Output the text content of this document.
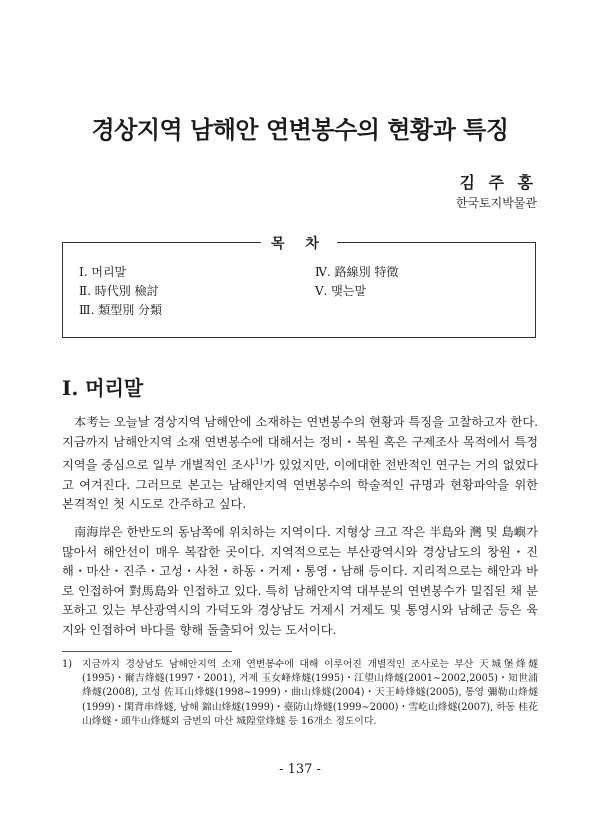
경상지역 남해안 연변봉수의 현황과 특징
김 주 홍
한국토지박물관
목 차
Ⅰ. 머리말
Ⅱ. 時代別 檢討
Ⅲ. 類型別 分類
Ⅳ. 路線別 特徵
Ⅴ. 맺는말
Ⅰ. 머리말

本考는 오늘날 경상지역 남해안에 소재하는 연변봉수의 현황과 특징을 고찰하고자 한다. 지금까지 남해안지역 소재 연변봉수에 대해서는 정비・복원 혹은 구제조사 목적에서 특정지역을 중심으로 일부 개별적인 조사$^{1)}$가 있었지만, 이에대한 전반적인 연구는 거의 없었다고 여겨진다. 그러므로 본고는 남해안지역 연변봉수의 학술적인 규명과 현황파악을 위한 본격적인 첫 시도로 간주하고 싶다.

南海岸은 한반도의 동남쪽에 위치하는 지역이다. 지형상 크고 작은 半島와 灣 및 島嶼가 많아서 해안선이 매우 복잡한 곳이다. 지역적으로는 부산광역시와 경상남도의 창원・진해・마산・진주・고성・사천・하동・거제・통영・남해 등이다. 지리적으로는 해안과 바로 인접하여 對馬島와 인접하고 있다. 특히 남해안지역 대부분의 연변봉수가 밀집된 채 분포하고 있는 부산광역시의 가덕도와 경상남도 거제시 거제도 및 통영시와 남해군 등은 육지와 인접하여 바다를 향해 돌출되어 있는 도서이다.

1) 지금까지 경상남도 남해안지역 소재 연변봉수에 대해 이루어진 개별적인 조사로는 부산 天城堡烽燧(1995)・爾吉烽燧(1997・2001), 거제 玉女峰烽燧(1995)・江望山烽燧(2001∼2002,2005)・知世浦烽燧(2008), 고성 佐耳山烽燧(1998∼1999)・曲山烽燧(2004)・天王峙烽燧(2005), 통영 彌勒山烽燧(1999)・閑背串烽燧, 남해 錦山烽燧(1999)・臺防山烽燧(1999∼2000)・雪屹山烽燧(2007), 하동 桂花山烽燧・頭牛山烽燧외 금번의 마산 城隍堂烽燧 등 16개소 정도이다.
- 137 -
